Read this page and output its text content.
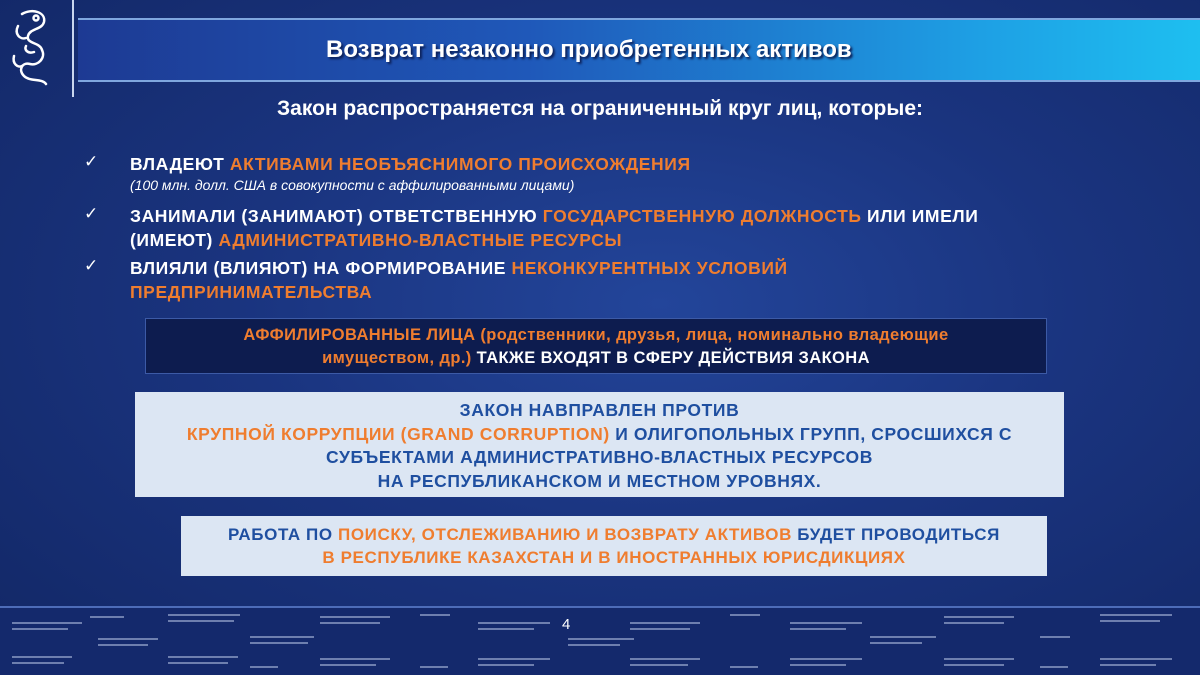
Возврат незаконно приобретенных активов
Закон распространяется на ограниченный круг лиц, которые:
✓ ВЛАДЕЮТ АКТИВАМИ НЕОБЪЯСНИМОГО ПРОИСХОЖДЕНИЯ
(100 млн. долл. США в совокупности с аффилированными лицами)
✓ ЗАНИМАЛИ (ЗАНИМАЮТ) ОТВЕТСТВЕННУЮ ГОСУДАРСТВЕННУЮ ДОЛЖНОСТЬ ИЛИ ИМЕЛИ
(ИМЕЮТ) АДМИНИСТРАТИВНО-ВЛАСТНЫЕ РЕСУРСЫ
✓ ВЛИЯЛИ (ВЛИЯЮТ) НА ФОРМИРОВАНИЕ НЕКОНКУРЕНТНЫХ УСЛОВИЙ
ПРЕДПРИНИМАТЕЛЬСТВА
АФФИЛИРОВАННЫЕ ЛИЦА (родственники, друзья, лица, номинально владеющие
имуществом, др.) ТАКЖЕ ВХОДЯТ В СФЕРУ ДЕЙСТВИЯ ЗАКОНА
ЗАКОН НАВПРАВЛЕН ПРОТИВ
КРУПНОЙ КОРРУПЦИИ (GRAND CORRUPTION) И ОЛИГОПОЛЬНЫХ ГРУПП, СРОСШИХСЯ С
СУБЪЕКТАМИ АДМИНИСТРАТИВНО-ВЛАСТНЫХ РЕСУРСОВ
НА РЕСПУБЛИКАНСКОМ И МЕСТНОМ УРОВНЯХ.
РАБОТА ПО ПОИСКУ, ОТСЛЕЖИВАНИЮ И ВОЗВРАТУ АКТИВОВ БУДЕТ ПРОВОДИТЬСЯ
В РЕСПУБЛИКЕ КАЗАХСТАН И В ИНОСТРАННЫХ ЮРИСДИКЦИЯХ
4
